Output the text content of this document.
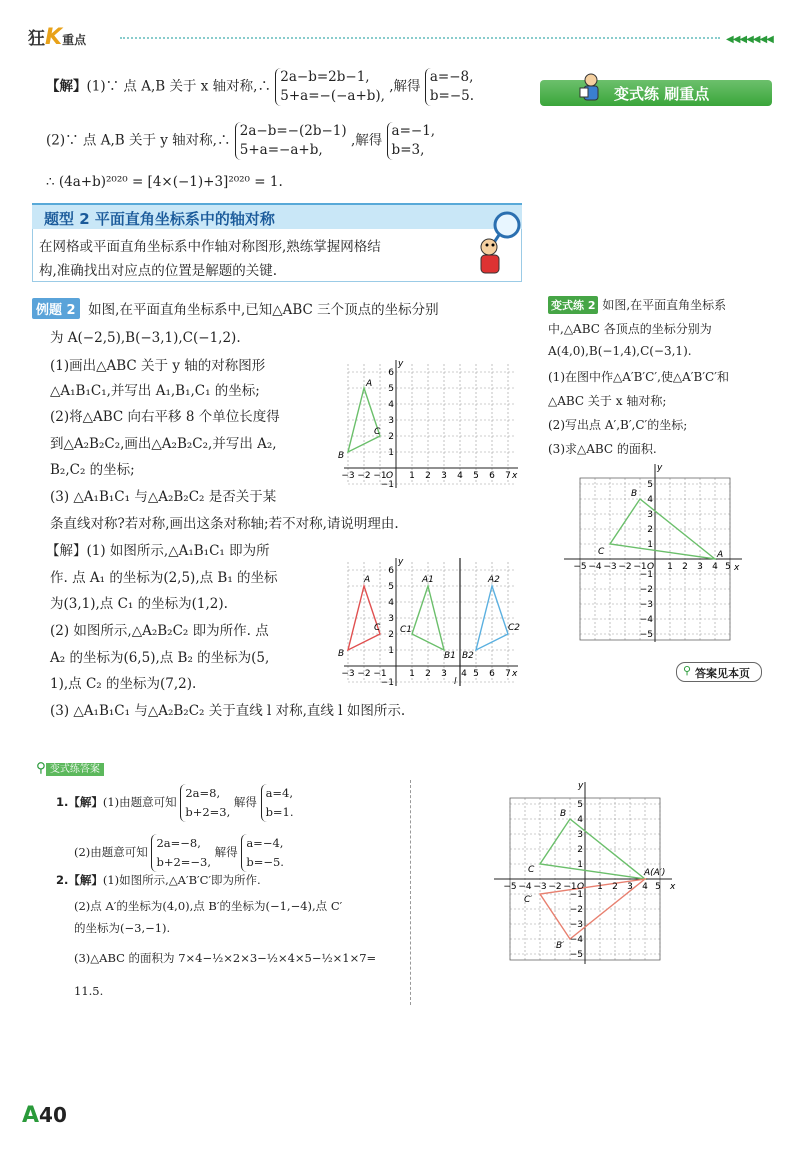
狂K重点	◀◀◀◀◀◀◀
【解】(1)∵ 点 A,B 关于 x 轴对称,∴ 2a−b=2b−1,
5+a=−(−a+b), ,解得 a=−8,
b=−5.
(2)∵ 点 A,B 关于 y 轴对称,∴ 2a−b=−(2b−1)
5+a=−a+b, ,解得 a=−1,
b=3,
∴ (4a+b)²⁰²⁰ = [4×(−1)+3]²⁰²⁰ = 1.
变式练 刷重点
题型 2 平面直角坐标系中的轴对称
在网格或平面直角坐标系中作轴对称图形,熟练掌握网格结
构,准确找出对应点的位置是解题的关键.
例题 2 如图,在平面直角坐标系中,已知△ABC 三个顶点的坐标分别
为 A(−2,5),B(−3,1),C(−1,2).
(1)画出△ABC 关于 y 轴的对称图形
△A₁B₁C₁,并写出 A₁,B₁,C₁ 的坐标;
(2)将△ABC 向右平移 8 个单位长度得
到△A₂B₂C₂,画出△A₂B₂C₂,并写出 A₂,
B₂,C₂ 的坐标;
(3) △A₁B₁C₁ 与△A₂B₂C₂ 是否关于某
条直线对称?若对称,画出这条对称轴;若不对称,请说明理由.
【解】(1) 如图所示,△A₁B₁C₁ 即为所
作. 点 A₁ 的坐标为(2,5),点 B₁ 的坐标
为(3,1),点 C₁ 的坐标为(1,2).
(2) 如图所示,△A₂B₂C₂ 即为所作. 点
A₂ 的坐标为(6,5),点 B₂ 的坐标为(5,
1),点 C₂ 的坐标为(7,2).
(3) △A₁B₁C₁ 与△A₂B₂C₂ 关于直线 l 对称,直线 l 如图所示.
变式练 2 如图,在平面直角坐标系
中,△ABC 各顶点的坐标分别为
A(4,0),B(−1,4),C(−3,1).
(1)在图中作△A′B′C′,使△A′B′C′和
△ABC 关于 x 轴对称;
(2)写出点 A′,B′,C′的坐标;
(3)求△ABC 的面积.
⚲ 答案见本页
⚲ 变式练答案
1.【解】(1)由题意可知 2a=8,
b+2=3, 解得 a=4,
b=1.
(2)由题意可知 2a=−8,
b+2=−3, 解得 a=−4,
b=−5.
2.【解】(1)如图所示,△A′B′C′即为所作.
(2)点 A′的坐标为(4,0),点 B′的坐标为(−1,−4),点 C′
的坐标为(−3,−1).
(3)△ABC 的面积为 7×4−½×2×3−½×4×5−½×1×7=
11.5.
y
x
A
B
C
O
−3 −2 −1 1 2 3 4 5 6 7
6
5
4
3
2
1
−1
y
x
A
B
C
A1
B1
C1
A2
B2
C2
l
−3 −2 −1 1 2 3 4 5 6 7
6
5
4
3
2
1
−1
y
x
A
B
C
O
−5 −4 −3 −2 −1 1 2 3 4 5
5
4
3
2
1
−1
−2
−3
−4
−5
y
x
A(A′)
B
C
B′
C′
O
−5 −4 −3 −2 −1 1 2 3 4 5
5
4
3
2
1
−1
−2
−3
−4
−5
A40
